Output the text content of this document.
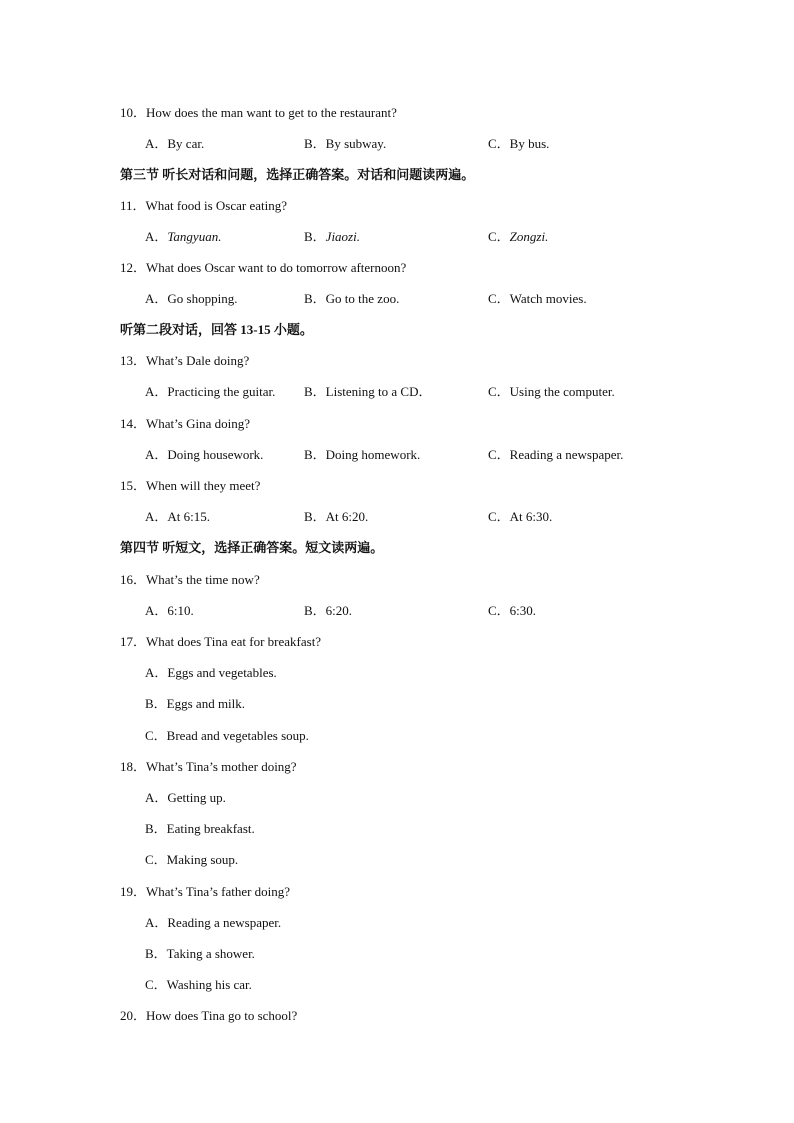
10．How does the man want to get to the restaurant?
A．By car.	B．By subway.	C．By bus.
第三节 听长对话和问题，选择正确答案。对话和问题读两遍。
11．What food is Oscar eating?
A．Tangyuan.	B．Jiaozi.	C．Zongzi.
12．What does Oscar want to do tomorrow afternoon?
A．Go shopping.	B．Go to the zoo.	C．Watch movies.
听第二段对话，回答 13-15 小题。
13．What’s Dale doing?
A．Practicing the guitar. B．Listening to a CD．	C．Using the computer.
14．What’s Gina doing?
A．Doing housework.	B．Doing homework.	C．Reading a newspaper.
15．When will they meet?
A．At 6:15.	B．At 6:20.	C．At 6:30.
第四节 听短文，选择正确答案。短文读两遍。
16．What’s the time now?
A．6:10.	B．6:20.	C．6:30.
17．What does Tina eat for breakfast?
A．Eggs and vegetables.
B．Eggs and milk.
C．Bread and vegetables soup.
18．What’s Tina’s mother doing?
A．Getting up.
B．Eating breakfast.
C．Making soup.
19．What’s Tina’s father doing?
A．Reading a newspaper.
B．Taking a shower.
C．Washing his car.
20．How does Tina go to school?
